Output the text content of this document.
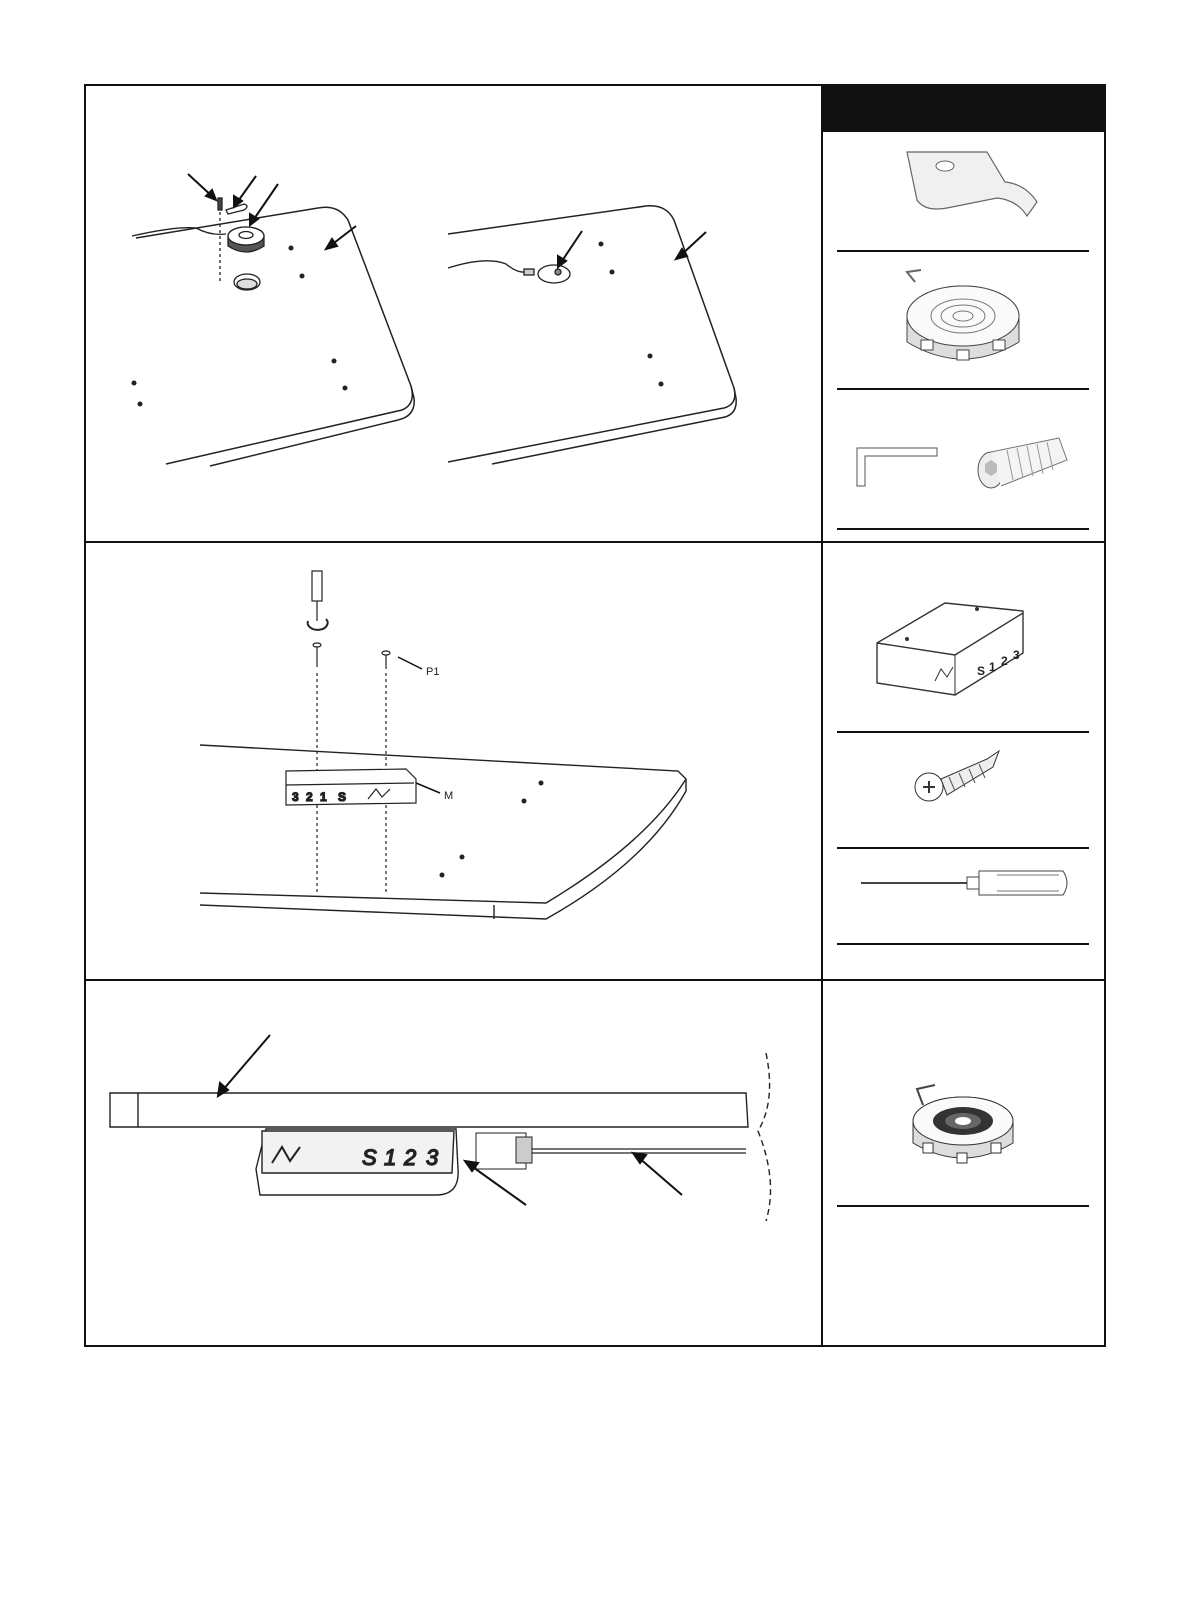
P1
3 2 1 S	M
S 1 2 3
S 1 2 3
